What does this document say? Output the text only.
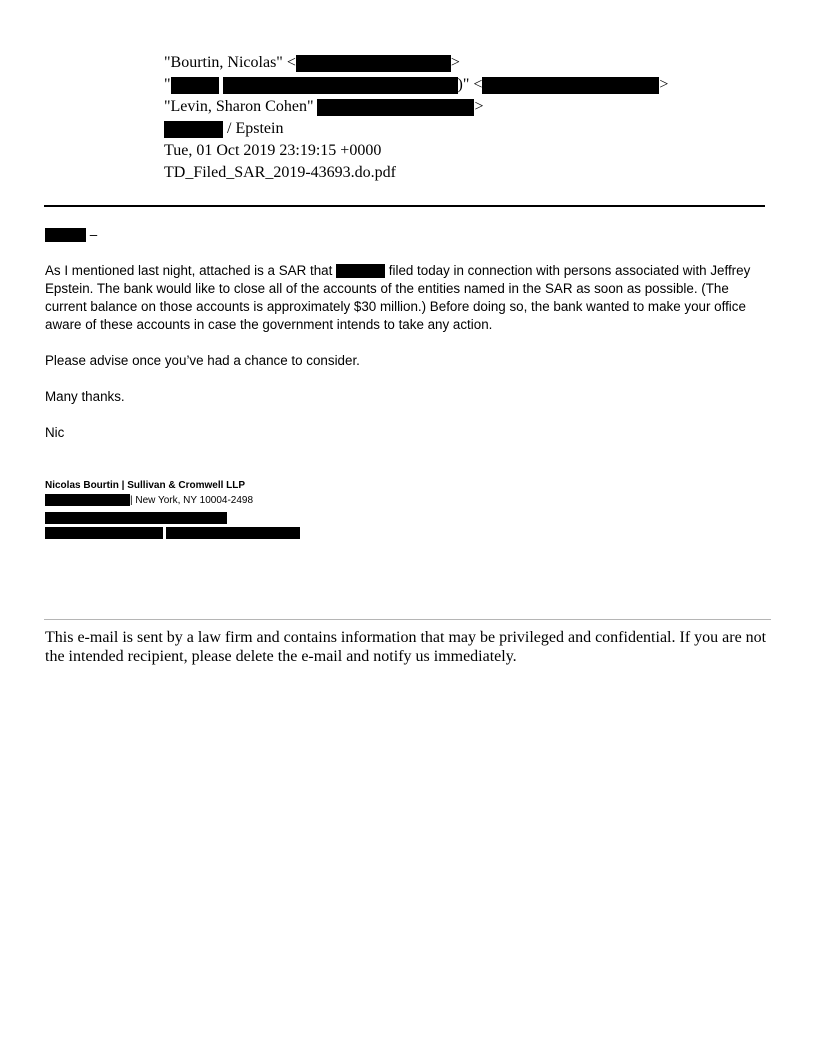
"Bourtin, Nicolas" <	>
"	)" <	>
"Levin, Sharon Cohen"	>
/ Epstein
Tue, 01 Oct 2019 23:19:15 +0000
TD_Filed_SAR_2019-43693.do.pdf
–
As I mentioned last night, attached is a SAR that	filed today in connection with persons associated with Jeffrey Epstein. The bank would like to close all of the accounts of the entities named in the SAR as soon as possible. (The current balance on those accounts is approximately $30 million.) Before doing so, the bank wanted to make your office aware of these accounts in case the government intends to take any action.
Please advise once you’ve had a chance to consider.
Many thanks.
Nic
Nicolas Bourtin | Sullivan & Cromwell LLP
| New York, NY 10004-2498
This e-mail is sent by a law firm and contains information that may be privileged and confidential. If you are not the intended recipient, please delete the e-mail and notify us immediately.
